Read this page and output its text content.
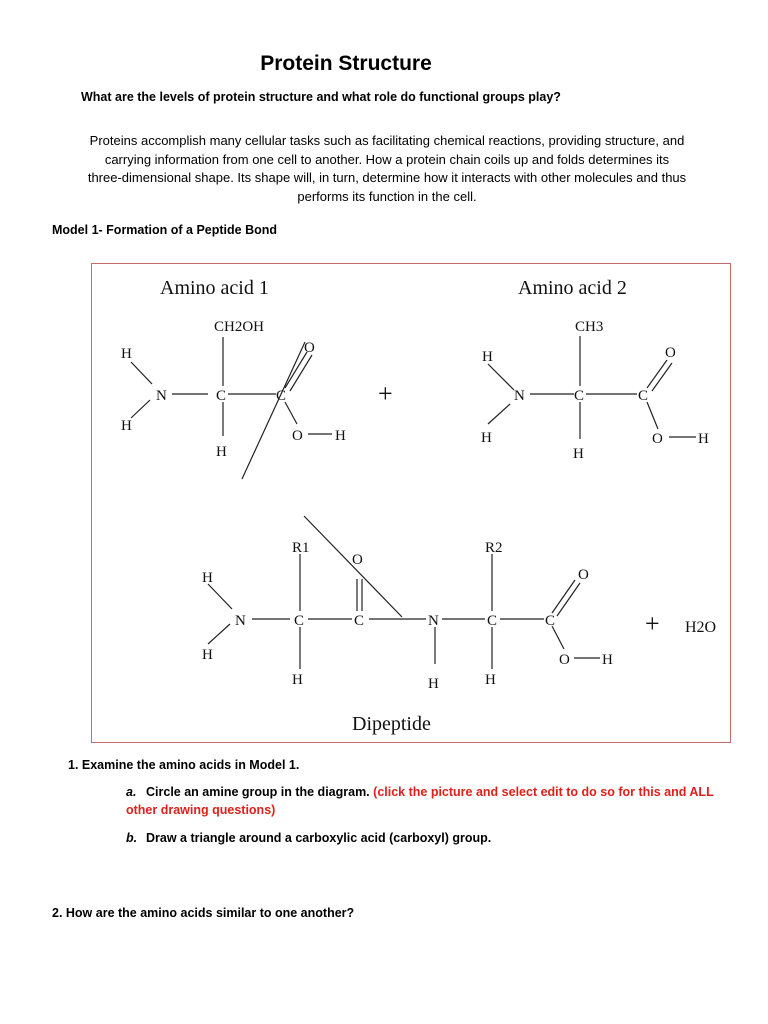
Protein Structure

What are the levels of protein structure and what role do functional groups play?

Proteins accomplish many cellular tasks such as facilitating chemical reactions, providing structure, and
carrying information from one cell to another. How a protein chain coils up and folds determines its
three-dimensional shape. Its shape will, in turn, determine how it interacts with other molecules and thus
performs its function in the cell.

Model 1- Formation of a Peptide Bond

Amino acid 1
CH2OH
H
H
N	C	C
O
O H
H
+
Amino acid 2
CH3
H
H
N	C	C
O
O H
H
R1	R2
O
H
H
N	C	C	N	C	C
O
O H
H	H	H
+ H2O
Dipeptide

1. Examine the amino acids in Model 1.

a. Circle an amine group in the diagram. (click the picture and select edit to do so for this and ALL other drawing questions)

b. Draw a triangle around a carboxylic acid (carboxyl) group.

2. How are the amino acids similar to one another?
